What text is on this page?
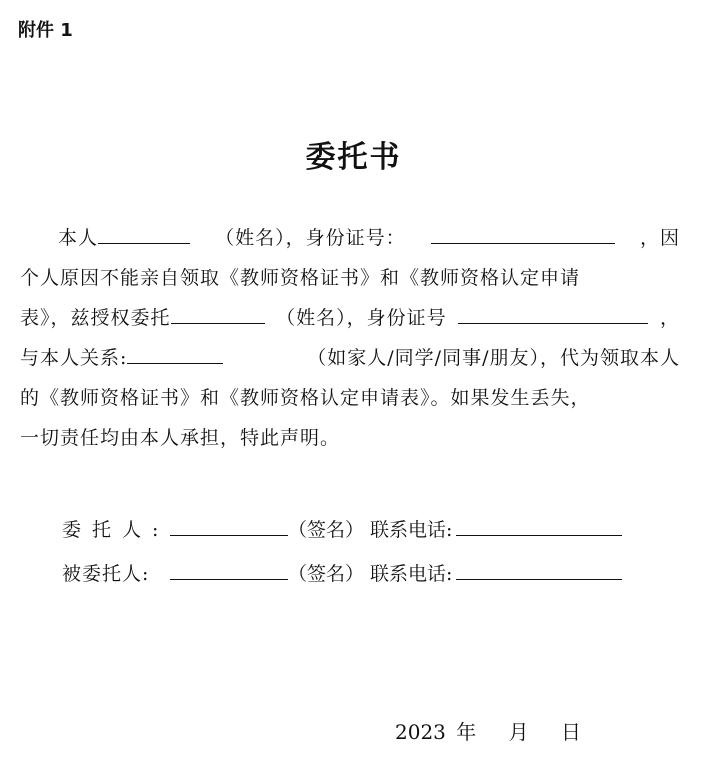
附件 1
委托书
本人	（姓名），身份证号：	，因
个人原因不能亲自领取《教师资格证书》和《教师资格认定申请
表》，兹授权委托	（姓名），身份证号	，
与本人关系:	（如家人/同学/同事/朋友），代为领取本人
的《教师资格证书》和《教师资格认定申请表》。如果发生丢失，
一切责任均由本人承担，特此声明。
委托人:	（签名） 联系电话:
被委托人:	（签名） 联系电话:
2023 年 月 日
